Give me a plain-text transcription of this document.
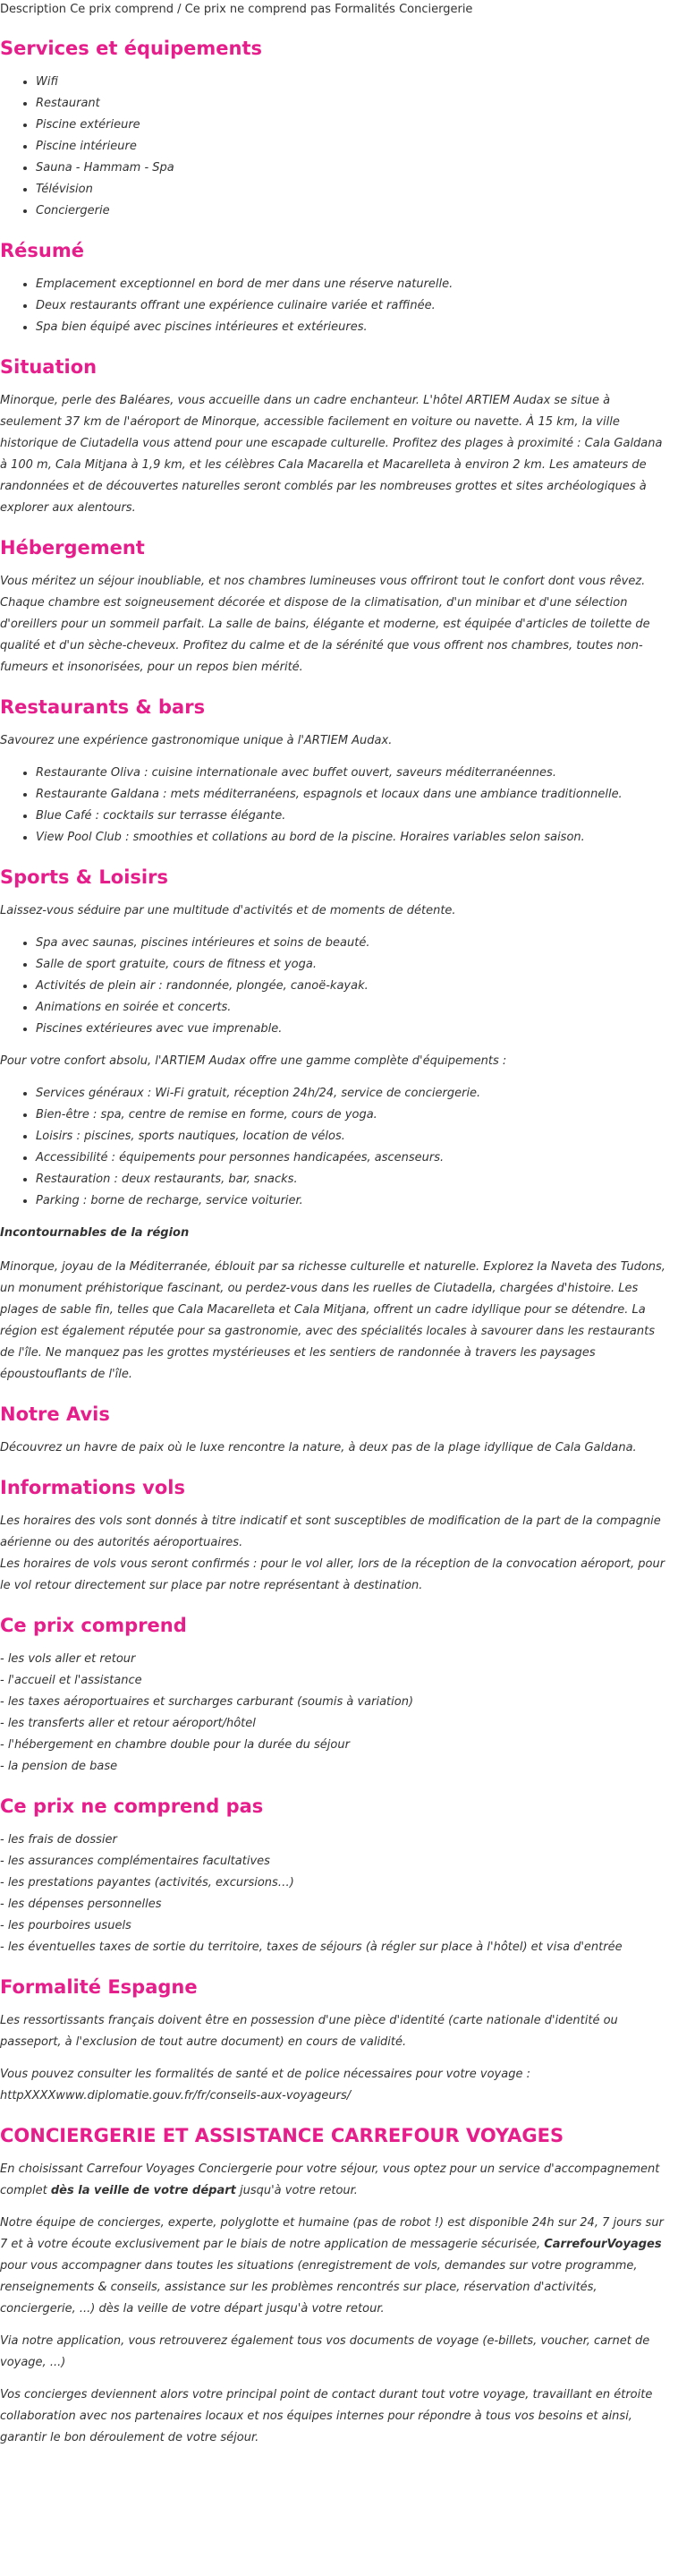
Description Ce prix comprend / Ce prix ne comprend pas Formalités Conciergerie
Services et équipements
• Wifi
• Restaurant
• Piscine extérieure
• Piscine intérieure
• Sauna - Hammam - Spa
• Télévision
• Conciergerie
Résumé
• Emplacement exceptionnel en bord de mer dans une réserve naturelle.
• Deux restaurants offrant une expérience culinaire variée et raffinée.
• Spa bien équipé avec piscines intérieures et extérieures.
Situation

Minorque, perle des Baléares, vous accueille dans un cadre enchanteur. L'hôtel ARTIEM Audax se situe à seulement 37 km de l'aéroport de Minorque, accessible facilement en voiture ou navette. À 15 km, la ville historique de Ciutadella vous attend pour une escapade culturelle. Profitez des plages à proximité : Cala Galdana à 100 m, Cala Mitjana à 1,9 km, et les célèbres Cala Macarella et Macarelleta à environ 2 km. Les amateurs de randonnées et de découvertes naturelles seront comblés par les nombreuses grottes et sites archéologiques à explorer aux alentours.

Hébergement

Vous méritez un séjour inoubliable, et nos chambres lumineuses vous offriront tout le confort dont vous rêvez. Chaque chambre est soigneusement décorée et dispose de la climatisation, d'un minibar et d'une sélection d'oreillers pour un sommeil parfait. La salle de bains, élégante et moderne, est équipée d'articles de toilette de qualité et d'un sèche-cheveux. Profitez du calme et de la sérénité que vous offrent nos chambres, toutes non-fumeurs et insonorisées, pour un repos bien mérité.

Restaurants & bars

Savourez une expérience gastronomique unique à l'ARTIEM Audax.

• Restaurante Oliva : cuisine internationale avec buffet ouvert, saveurs méditerranéennes.
• Restaurante Galdana : mets méditerranéens, espagnols et locaux dans une ambiance traditionnelle.
• Blue Café : cocktails sur terrasse élégante.
• View Pool Club : smoothies et collations au bord de la piscine. Horaires variables selon saison.
Sports & Loisirs

Laissez-vous séduire par une multitude d'activités et de moments de détente.

• Spa avec saunas, piscines intérieures et soins de beauté.
• Salle de sport gratuite, cours de fitness et yoga.
• Activités de plein air : randonnée, plongée, canoë-kayak.
• Animations en soirée et concerts.
• Piscines extérieures avec vue imprenable.

Pour votre confort absolu, l'ARTIEM Audax offre une gamme complète d'équipements :

• Services généraux : Wi-Fi gratuit, réception 24h/24, service de conciergerie.
• Bien-être : spa, centre de remise en forme, cours de yoga.
• Loisirs : piscines, sports nautiques, location de vélos.
• Accessibilité : équipements pour personnes handicapées, ascenseurs.
• Restauration : deux restaurants, bar, snacks.
• Parking : borne de recharge, service voiturier.

Incontournables de la région

Minorque, joyau de la Méditerranée, éblouit par sa richesse culturelle et naturelle. Explorez la Naveta des Tudons, un monument préhistorique fascinant, ou perdez-vous dans les ruelles de Ciutadella, chargées d'histoire. Les plages de sable fin, telles que Cala Macarelleta et Cala Mitjana, offrent un cadre idyllique pour se détendre. La région est également réputée pour sa gastronomie, avec des spécialités locales à savourer dans les restaurants de l'île. Ne manquez pas les grottes mystérieuses et les sentiers de randonnée à travers les paysages époustouflants de l'île.

Notre Avis

Découvrez un havre de paix où le luxe rencontre la nature, à deux pas de la plage idyllique de Cala Galdana.

Informations vols
Les horaires des vols sont donnés à titre indicatif et sont susceptibles de modification de la part de la compagnie aérienne ou des autorités aéroportuaires.

Les horaires de vols vous seront confirmés : pour le vol aller, lors de la réception de la convocation aéroport, pour le vol retour directement sur place par notre représentant à destination.

Ce prix comprend
- les vols aller et retour
- l'accueil et l'assistance
- les taxes aéroportuaires et surcharges carburant (soumis à variation)
- les transferts aller et retour aéroport/hôtel
- l'hébergement en chambre double pour la durée du séjour
- la pension de base
Ce prix ne comprend pas
- les frais de dossier
- les assurances complémentaires facultatives
- les prestations payantes (activités, excursions…)
- les dépenses personnelles
- les pourboires usuels
- les éventuelles taxes de sortie du territoire, taxes de séjours (à régler sur place à l'hôtel) et visa d'entrée
Formalité Espagne

Les ressortissants français doivent être en possession d'une pièce d'identité (carte nationale d'identité ou passeport, à l'exclusion de tout autre document) en cours de validité.

Vous pouvez consulter les formalités de santé et de police nécessaires pour votre voyage : httpXXXXwww.diplomatie.gouv.fr/fr/conseils-aux-voyageurs/

CONCIERGERIE ET ASSISTANCE CARREFOUR VOYAGES

En choisissant Carrefour Voyages Conciergerie pour votre séjour, vous optez pour un service d'accompagnement complet dès la veille de votre départ jusqu'à votre retour.

Notre équipe de concierges, experte, polyglotte et humaine (pas de robot !) est disponible 24h sur 24, 7 jours sur 7 et à votre écoute exclusivement par le biais de notre application de messagerie sécurisée, CarrefourVoyages pour vous accompagner dans toutes les situations (enregistrement de vols, demandes sur votre programme, renseignements & conseils, assistance sur les problèmes rencontrés sur place, réservation d'activités, conciergerie, ...) dès la veille de votre départ jusqu'à votre retour.

Via notre application, vous retrouverez également tous vos documents de voyage (e-billets, voucher, carnet de voyage, ...)

Vos concierges deviennent alors votre principal point de contact durant tout votre voyage, travaillant en étroite collaboration avec nos partenaires locaux et nos équipes internes pour répondre à tous vos besoins et ainsi, garantir le bon déroulement de votre séjour.
